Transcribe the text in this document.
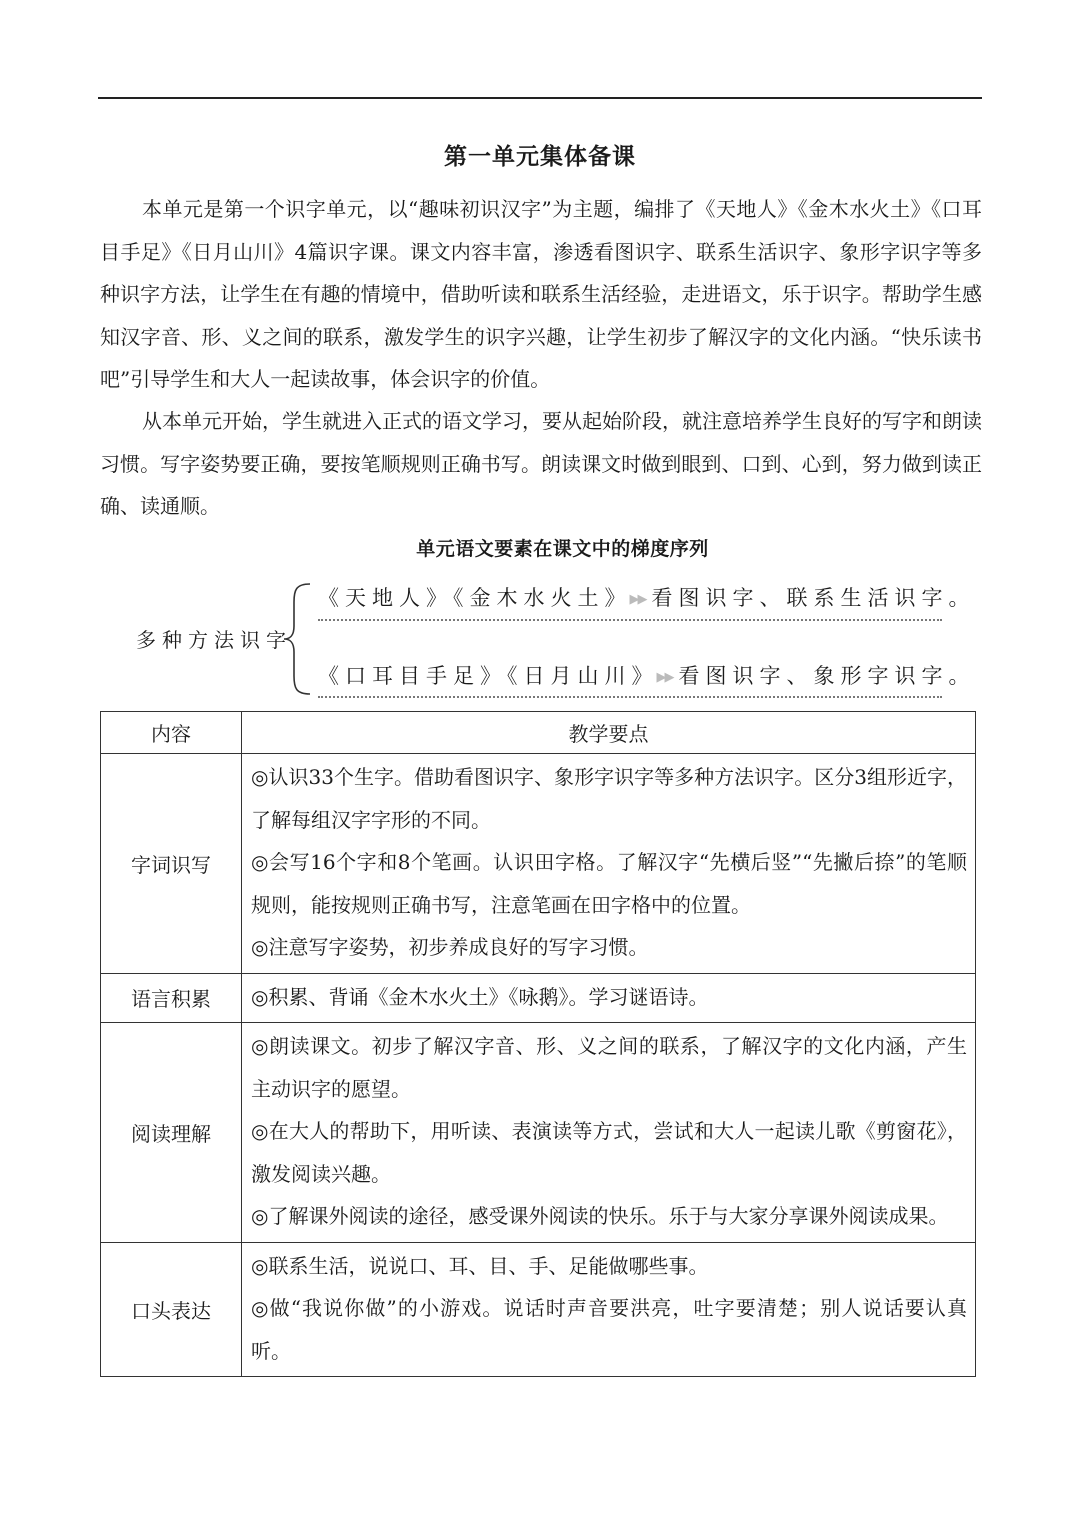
第一单元集体备课

本单元是第一个识字单元，以“趣味初识汉字”为主题，编排了《天地人》《金木水火土》《口耳目手足》《日月山川》4篇识字课。课文内容丰富，渗透看图识字、联系生活识字、象形字识字等多种识字方法，让学生在有趣的情境中，借助听读和联系生活经验，走进语文，乐于识字。帮助学生感知汉字音、形、义之间的联系，激发学生的识字兴趣，让学生初步了解汉字的文化内涵。“快乐读书吧”引导学生和大人一起读故事，体会识字的价值。

从本单元开始，学生就进入正式的语文学习，要从起始阶段，就注意培养学生良好的写字和朗读习惯。写字姿势要正确，要按笔顺规则正确书写。朗读课文时做到眼到、口到、心到，努力做到读正确、读通顺。

单元语文要素在课文中的梯度序列
多种方法识字
《天地人》《金木水火土》▶▶ 看图识字、联系生活识字。
《口耳目手足》《日月山川》▶▶ 看图识字、象形字识字。
内容	教学要点
字词识写	◎认识33个生字。借助看图识字、象形字识字等多种方法识字。区分3组形近字，了解每组汉字字形的不同。
◎会写16个字和8个笔画。认识田字格。了解汉字“先横后竖”“先撇后捺”的笔顺规则，能按规则正确书写，注意笔画在田字格中的位置。
◎注意写字姿势，初步养成良好的写字习惯。

语言积累	◎积累、背诵《金木水火土》《咏鹅》。学习谜语诗。

阅读理解	◎朗读课文。初步了解汉字音、形、义之间的联系，了解汉字的文化内涵，产生主动识字的愿望。
◎在大人的帮助下，用听读、表演读等方式，尝试和大人一起读儿歌《剪窗花》，激发阅读兴趣。
◎了解课外阅读的途径，感受课外阅读的快乐。乐于与大家分享课外阅读成果。

口头表达	◎联系生活，说说口、耳、目、手、足能做哪些事。
◎做“我说你做”的小游戏。说话时声音要洪亮，吐字要清楚；别人说话要认真听。
